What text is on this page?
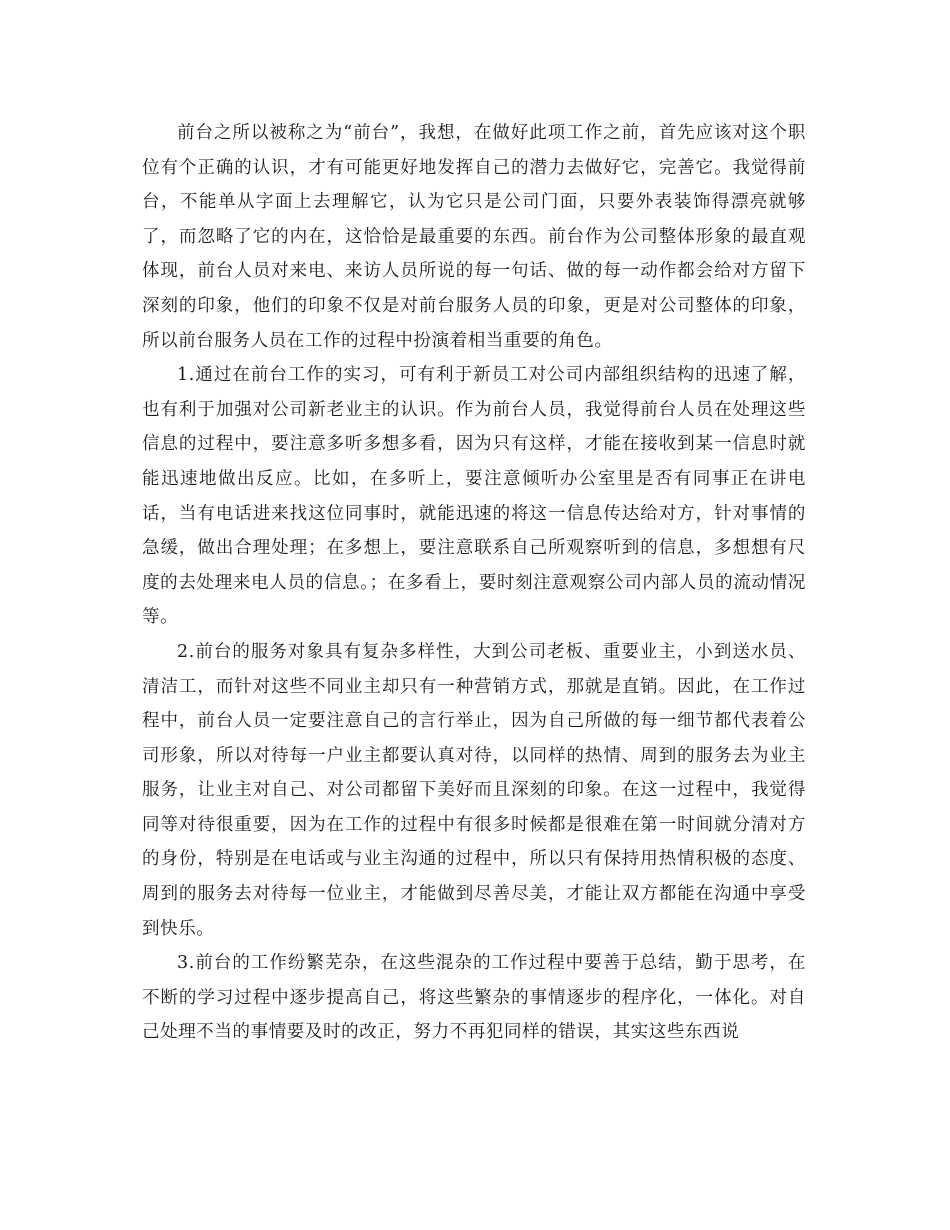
前台之所以被称之为“前台”，我想，在做好此项工作之前，首先应该对这个职位有个正确的认识，才有可能更好地发挥自己的潜力去做好它，完善它。我觉得前台，不能单从字面上去理解它，认为它只是公司门面，只要外表装饰得漂亮就够了，而忽略了它的内在，这恰恰是最重要的东西。前台作为公司整体形象的最直观体现，前台人员对来电、来访人员所说的每一句话、做的每一动作都会给对方留下深刻的印象，他们的印象不仅是对前台服务人员的印象，更是对公司整体的印象，所以前台服务人员在工作的过程中扮演着相当重要的角色。

1.通过在前台工作的实习，可有利于新员工对公司内部组织结构的迅速了解，也有利于加强对公司新老业主的认识。作为前台人员，我觉得前台人员在处理这些信息的过程中，要注意多听多想多看，因为只有这样，才能在接收到某一信息时就能迅速地做出反应。比如，在多听上，要注意倾听办公室里是否有同事正在讲电话，当有电话进来找这位同事时，就能迅速的将这一信息传达给对方，针对事情的急缓，做出合理处理；在多想上，要注意联系自己所观察听到的信息，多想想有尺度的去处理来电人员的信息。；在多看上，要时刻注意观察公司内部人员的流动情况等。

2.前台的服务对象具有复杂多样性，大到公司老板、重要业主，小到送水员、清洁工，而针对这些不同业主却只有一种营销方式，那就是直销。因此，在工作过程中，前台人员一定要注意自己的言行举止，因为自己所做的每一细节都代表着公司形象，所以对待每一户业主都要认真对待，以同样的热情、周到的服务去为业主服务，让业主对自己、对公司都留下美好而且深刻的印象。在这一过程中，我觉得同等对待很重要，因为在工作的过程中有很多时候都是很难在第一时间就分清对方的身份，特别是在电话或与业主沟通的过程中，所以只有保持用热情积极的态度、周到的服务去对待每一位业主，才能做到尽善尽美，才能让双方都能在沟通中享受到快乐。

3.前台的工作纷繁芜杂，在这些混杂的工作过程中要善于总结，勤于思考，在不断的学习过程中逐步提高自己，将这些繁杂的事情逐步的程序化，一体化。对自己处理不当的事情要及时的改正，努力不再犯同样的错误，其实这些东西说
